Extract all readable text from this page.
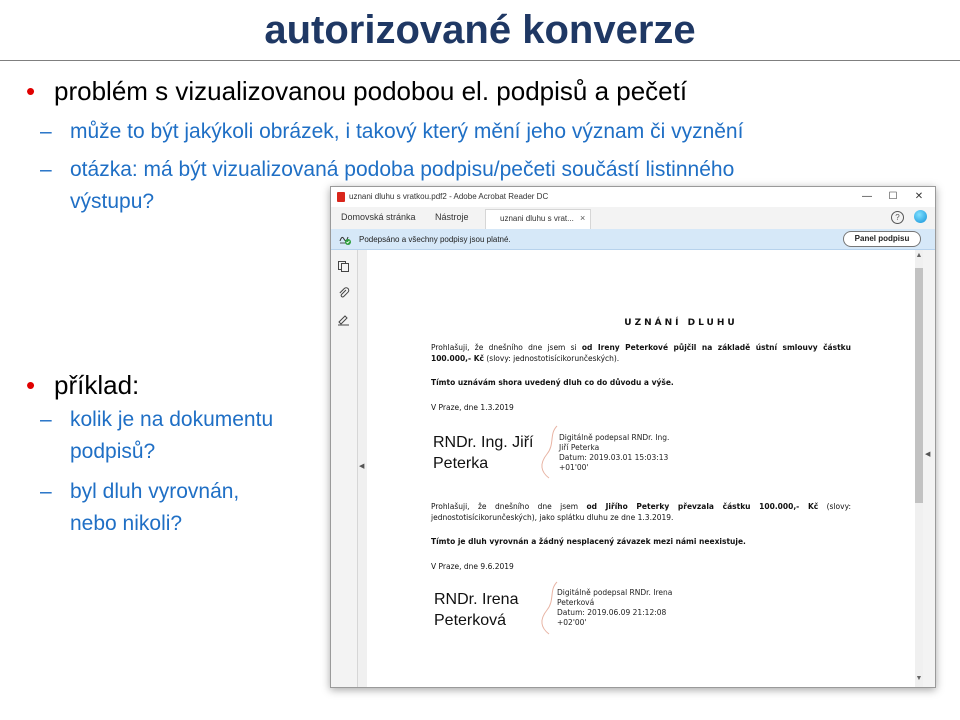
autorizované konverze
• problém s vizualizovanou podobou el. podpisů a pečetí
– může to být jakýkoli obrázek, i takový který mění jeho význam či vyznění
– otázka: má být vizualizovaná podoba podpisu/pečeti součástí listinného
výstupu?
• příklad:
– kolik je na dokumentu
podpisů?
– byl dluh vyrovnán,
nebo nikoli?
uznani dluhu s vratkou.pdf2 - Adobe Acrobat Reader DC	—	☐	✕
Domovská stránka Nástroje	uznani dluhu s vrat... ×	?
Podepsáno a všechny podpisy jsou platné.	Panel podpisu
◀
UZNÁNÍ DLUHU
Prohlašuji, že dnešního dne jsem si od Ireny Peterkové půjčil na základě ústní smlouvy částku
100.000,- Kč (slovy: jednostotisícikorunčeských).
Tímto uznávám shora uvedený dluh co do důvodu a výše.
V Praze, dne 1.3.2019
RNDr. Ing. Jiří
Peterka
Digitálně podepsal RNDr. Ing.
Jiří Peterka
Datum: 2019.03.01 15:03:13
+01'00'
Prohlašuji, že dnešního dne jsem od Jiřího Peterky převzala částku 100.000,- Kč (slovy:
jednostotisícikorunčeských), jako splátku dluhu ze dne 1.3.2019.
Tímto je dluh vyrovnán a žádný nesplacený závazek mezi námi neexistuje.
V Praze, dne 9.6.2019
RNDr. Irena
Peterková
Digitálně podepsal RNDr. Irena
Peterková
Datum: 2019.06.09 21:12:08
+02'00'
▲
▼
◀
